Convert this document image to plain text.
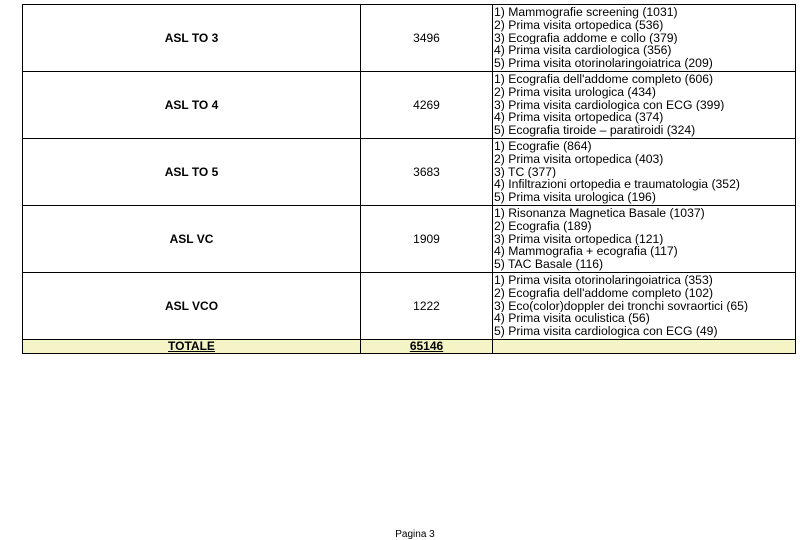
ASL TO 3	3496	1) Mammografie screening (1031)
2) Prima visita ortopedica (536)
3) Ecografia addome e collo (379)
4) Prima visita cardiologica (356)
5) Prima visita otorinolaringoiatrica (209)

ASL TO 4	4269	1) Ecografia dell'addome completo (606)
2) Prima visita urologica (434)
3) Prima visita cardiologica con ECG (399)
4) Prima visita ortopedica (374)
5) Ecografia tiroide – paratiroidi (324)

ASL TO 5	3683	1) Ecografie (864)
2) Prima visita ortopedica (403)
3) TC (377)
4) Infiltrazioni ortopedia e traumatologia (352)
5) Prima visita urologica (196)

ASL VC	1909	1) Risonanza Magnetica Basale (1037)
2) Ecografia (189)
3) Prima visita ortopedica (121)
4) Mammografia + ecografia (117)
5) TAC Basale (116)

ASL VCO	1222	1) Prima visita otorinolaringoiatrica (353)
2) Ecografia dell'addome completo (102)
3) Eco(color)doppler dei tronchi sovraortici (65)
4) Prima visita oculistica (56)
5) Prima visita cardiologica con ECG (49)

TOTALE	65146	
Pagina 3
